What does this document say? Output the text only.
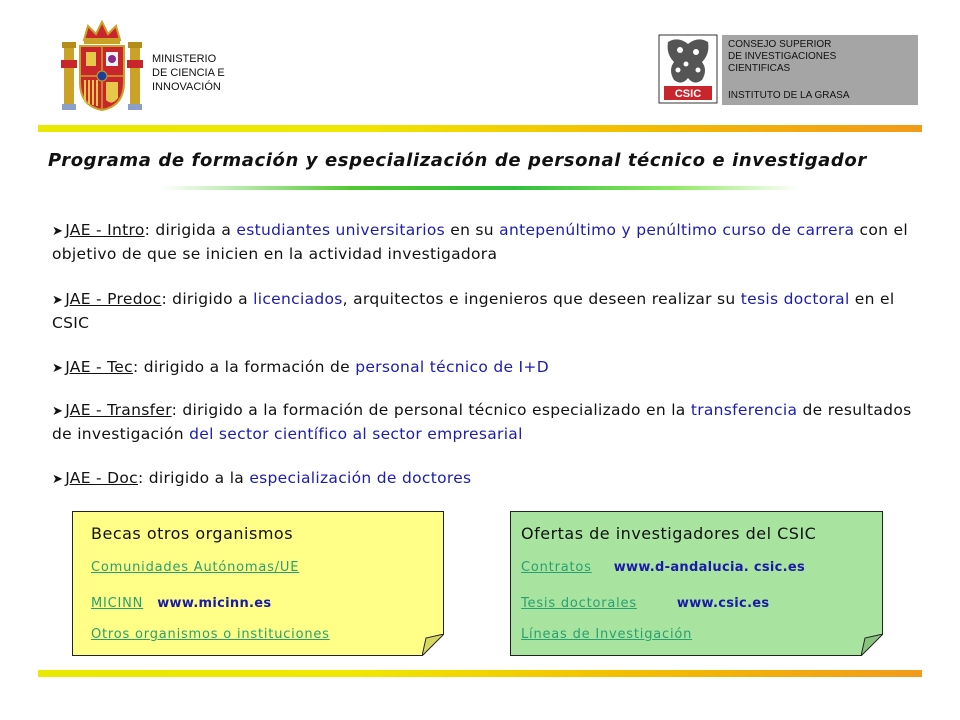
MINISTERIO
DE CIENCIA E
INNOVACIÓN
CSIC
CONSEJO SUPERIOR
DE INVESTIGACIONES
CIENTIFICAS
INSTITUTO DE LA GRASA
Programa de formación y especialización de personal técnico e investigador
➤ JAE - Intro: dirigida a estudiantes universitarios en su antepenúltimo y penúltimo curso de carrera con el objetivo de que se inicien en la actividad investigadora
➤ JAE - Predoc: dirigido a licenciados, arquitectos e ingenieros que deseen realizar su tesis doctoral en el CSIC
➤ JAE - Tec: dirigido a la formación de personal técnico de I+D
➤ JAE - Transfer: dirigido a la formación de personal técnico especializado en la transferencia de resultados de investigación del sector científico al sector empresarial
➤ JAE - Doc: dirigido a la especialización de doctores
Becas otros organismos
Comunidades Autónomas/UE
MICINN www.micinn.es
Otros organismos o instituciones
Ofertas de investigadores del CSIC
Contratos www.d-andalucia. csic.es
Tesis doctorales	www.csic.es
Líneas de Investigación
